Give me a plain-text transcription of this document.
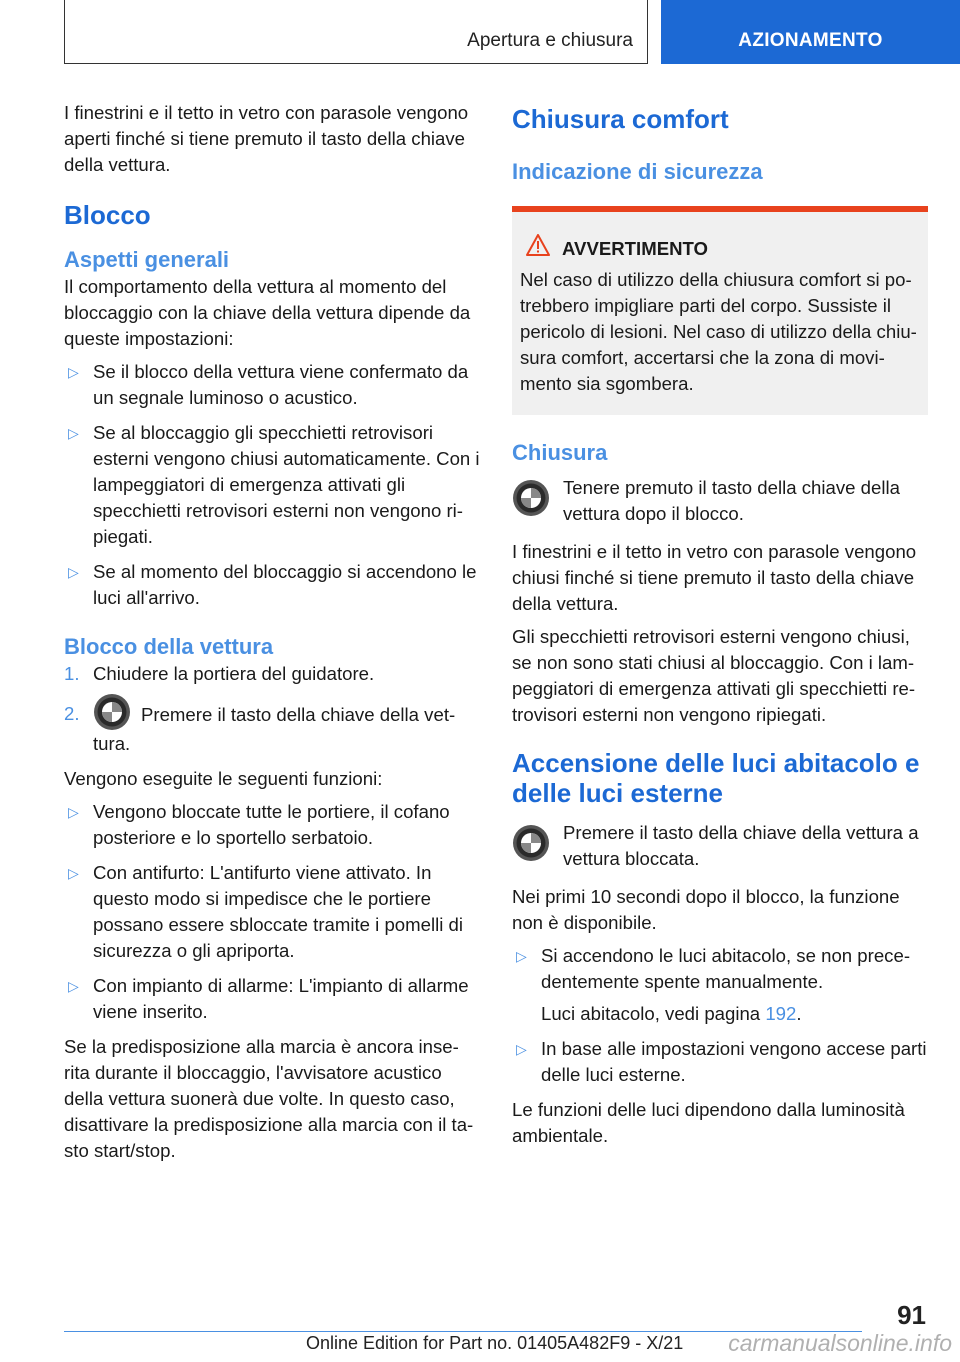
Apertura e chiusura	AZIONAMENTO

I finestrini e il tetto in vetro con parasole vengono aperti finché si tiene premuto il tasto della chiave della vettura.

Blocco
Aspetti generali

Il comportamento della vettura al momento del bloccaggio con la chiave della vettura dipende da queste impostazioni:

▷ Se il blocco della vettura viene confermato da un segnale luminoso o acustico.
▷ Se al bloccaggio gli specchietti retrovisori esterni vengono chiusi automaticamente. Con i lampeggiatori di emergenza attivati gli specchietti retrovisori esterni non vengono ri-piegati.
▷ Se al momento del bloccaggio si accendono le luci all'arrivo.
Blocco della vettura
1. Chiudere la portiera del guidatore.
2.	Premere il tasto della chiave della vet-tura.

Vengono eseguite le seguenti funzioni:

▷ Vengono bloccate tutte le portiere, il cofano posteriore e lo sportello serbatoio.
▷ Con antifurto: L'antifurto viene attivato. In questo modo si impedisce che le portiere possano essere sbloccate tramite i pomelli di sicurezza o gli apriporta.
▷ Con impianto di allarme: L'impianto di allarme viene inserito.

Se la predisposizione alla marcia è ancora inse-rita durante il bloccaggio, l'avvisatore acustico della vettura suonerà due volte. In questo caso, disattivare la predisposizione alla marcia con il ta-sto start/stop.

Chiusura comfort
Indicazione di sicurezza
AVVERTIMENTO

Nel caso di utilizzo della chiusura comfort si po-trebbero impigliare parti del corpo. Sussiste il pericolo di lesioni. Nel caso di utilizzo della chiu-sura comfort, accertarsi che la zona di movi-mento sia sgombera.

Chiusura
Tenere premuto il tasto della chiave della vettura dopo il blocco.

I finestrini e il tetto in vetro con parasole vengono chiusi finché si tiene premuto il tasto della chiave della vettura.

Gli specchietti retrovisori esterni vengono chiusi, se non sono stati chiusi al bloccaggio. Con i lam-peggiatori di emergenza attivati gli specchietti re-trovisori esterni non vengono ripiegati.

Accensione delle luci abitacolo e delle luci esterne
Premere il tasto della chiave della vettura a vettura bloccata.

Nei primi 10 secondi dopo il blocco, la funzione non è disponibile.

▷ Si accendono le luci abitacolo, se non prece-dentemente spente manualmente.
Luci abitacolo, vedi pagina 192.
▷ In base alle impostazioni vengono accese parti delle luci esterne.

Le funzioni delle luci dipendono dalla luminosità ambientale.

91
Online Edition for Part no. 01405A482F9 - X/21 carmanualsonline.info
